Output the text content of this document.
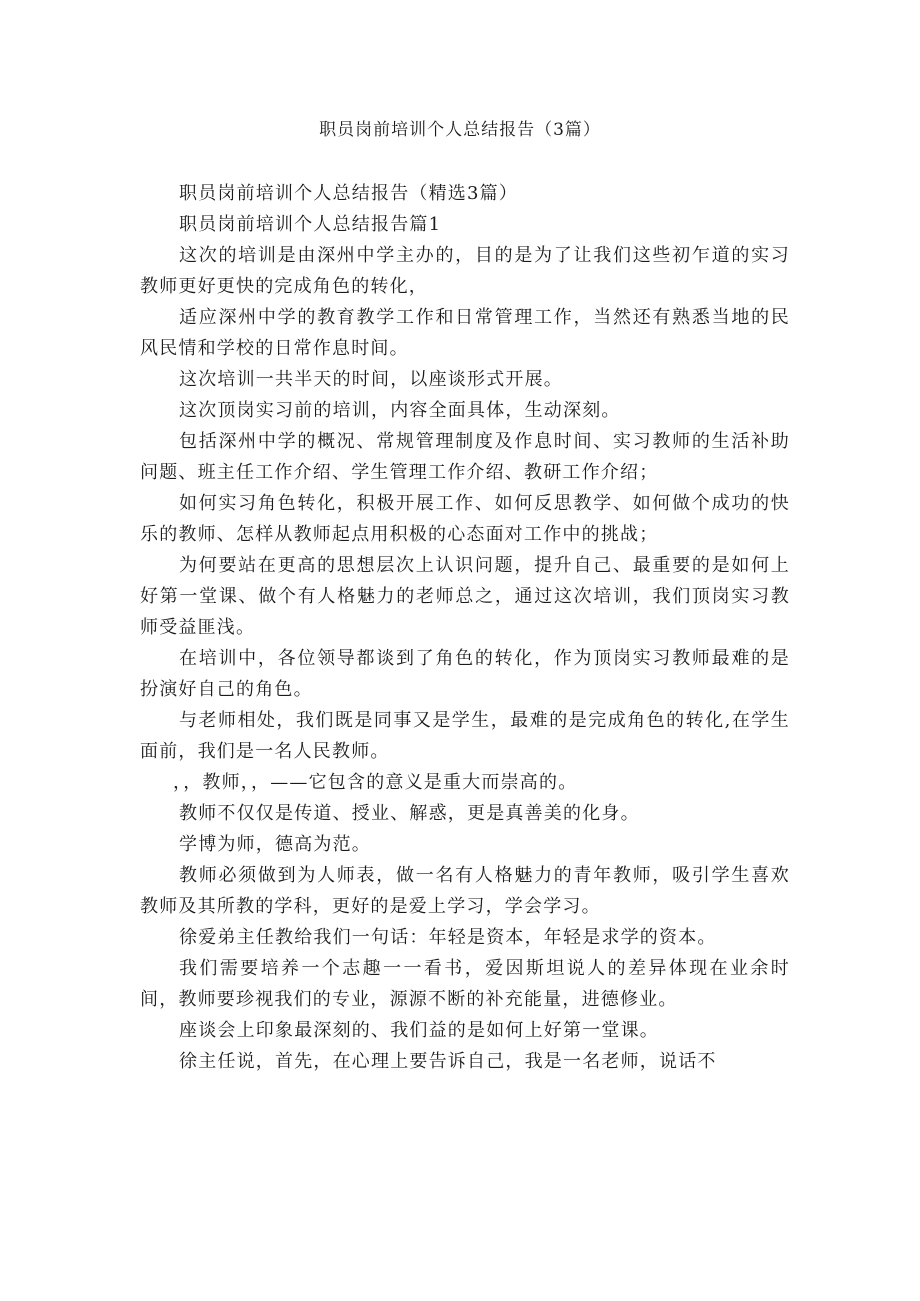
职员岗前培训个人总结报告（3篇）

职员岗前培训个人总结报告（精选3篇）

职员岗前培训个人总结报告篇1

这次的培训是由深州中学主办的，目的是为了让我们这些初乍道的实习教师更好更快的完成角色的转化，

适应深州中学的教育教学工作和日常管理工作，当然还有熟悉当地的民风民情和学校的日常作息时间。

这次培训一共半天的时间，以座谈形式开展。

这次顶岗实习前的培训，内容全面具体，生动深刻。

包括深州中学的概况、常规管理制度及作息时间、实习教师的生活补助问题、班主任工作介绍、学生管理工作介绍、教研工作介绍；

如何实习角色转化，积极开展工作、如何反思教学、如何做个成功的快乐的教师、怎样从教师起点用积极的心态面对工作中的挑战；

为何要站在更高的思想层次上认识问题，提升自己、最重要的是如何上好第一堂课、做个有人格魅力的老师总之，通过这次培训，我们顶岗实习教师受益匪浅。

在培训中，各位领导都谈到了角色的转化，作为顶岗实习教师最难的是扮演好自己的角色。

与老师相处，我们既是同事又是学生，最难的是完成角色的转化,在学生面前，我们是一名人民教师。

，，教师，，——它包含的意义是重大而崇高的。

教师不仅仅是传道、授业、解惑，更是真善美的化身。

学博为师，德高为范。

教师必须做到为人师表，做一名有人格魅力的青年教师，吸引学生喜欢教师及其所教的学科，更好的是爱上学习，学会学习。

徐爱弟主任教给我们一句话：年轻是资本，年轻是求学的资本。

我们需要培养一个志趣一一看书，爱因斯坦说人的差异体现在业余时间，教师要珍视我们的专业，源源不断的补充能量，进德修业。

座谈会上印象最深刻的、我们益的是如何上好第一堂课。

徐主任说，首先，在心理上要告诉自己，我是一名老师，说话不
